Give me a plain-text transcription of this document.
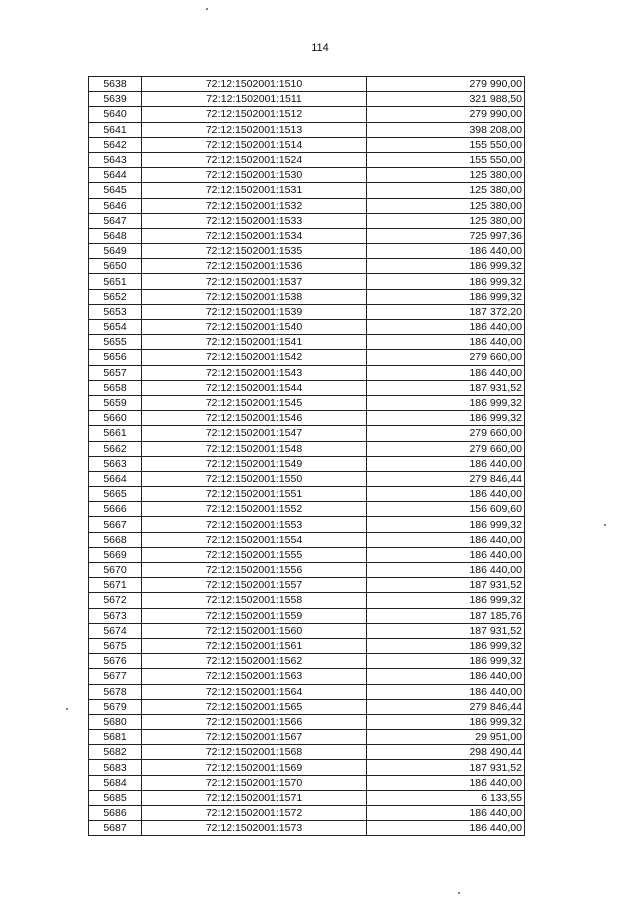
114
5638	72:12:1502001:1510	279 990,00
5639	72:12:1502001:1511	321 988,50
5640	72:12:1502001:1512	279 990,00
5641	72:12:1502001:1513	398 208,00
5642	72:12:1502001:1514	155 550,00
5643	72:12:1502001:1524	155 550,00
5644	72:12:1502001:1530	125 380,00
5645	72:12:1502001:1531	125 380,00
5646	72:12:1502001:1532	125 380,00
5647	72:12:1502001:1533	125 380,00
5648	72:12:1502001:1534	725 997,36
5649	72:12:1502001:1535	186 440,00
5650	72:12:1502001:1536	186 999,32
5651	72:12:1502001:1537	186 999,32
5652	72:12:1502001:1538	186 999,32
5653	72:12:1502001:1539	187 372,20
5654	72:12:1502001:1540	186 440,00
5655	72:12:1502001:1541	186 440,00
5656	72:12:1502001:1542	279 660,00
5657	72:12:1502001:1543	186 440,00
5658	72:12:1502001:1544	187 931,52
5659	72:12:1502001:1545	186 999,32
5660	72:12:1502001:1546	186 999,32
5661	72:12:1502001:1547	279 660,00
5662	72:12:1502001:1548	279 660,00
5663	72:12:1502001:1549	186 440,00
5664	72:12:1502001:1550	279 846,44
5665	72:12:1502001:1551	186 440,00
5666	72:12:1502001:1552	156 609,60
5667	72:12:1502001:1553	186 999,32
5668	72:12:1502001:1554	186 440,00
5669	72:12:1502001:1555	186 440,00
5670	72:12:1502001:1556	186 440,00
5671	72:12:1502001:1557	187 931,52
5672	72:12:1502001:1558	186 999,32
5673	72:12:1502001:1559	187 185,76
5674	72:12:1502001:1560	187 931,52
5675	72:12:1502001:1561	186 999,32
5676	72:12:1502001:1562	186 999,32
5677	72:12:1502001:1563	186 440,00
5678	72:12:1502001:1564	186 440,00
5679	72:12:1502001:1565	279 846,44
5680	72:12:1502001:1566	186 999,32
5681	72:12:1502001:1567	29 951,00
5682	72:12:1502001:1568	298 490,44
5683	72:12:1502001:1569	187 931,52
5684	72:12:1502001:1570	186 440,00
5685	72:12:1502001:1571	6 133,55
5686	72:12:1502001:1572	186 440,00
5687	72:12:1502001:1573	186 440,00
